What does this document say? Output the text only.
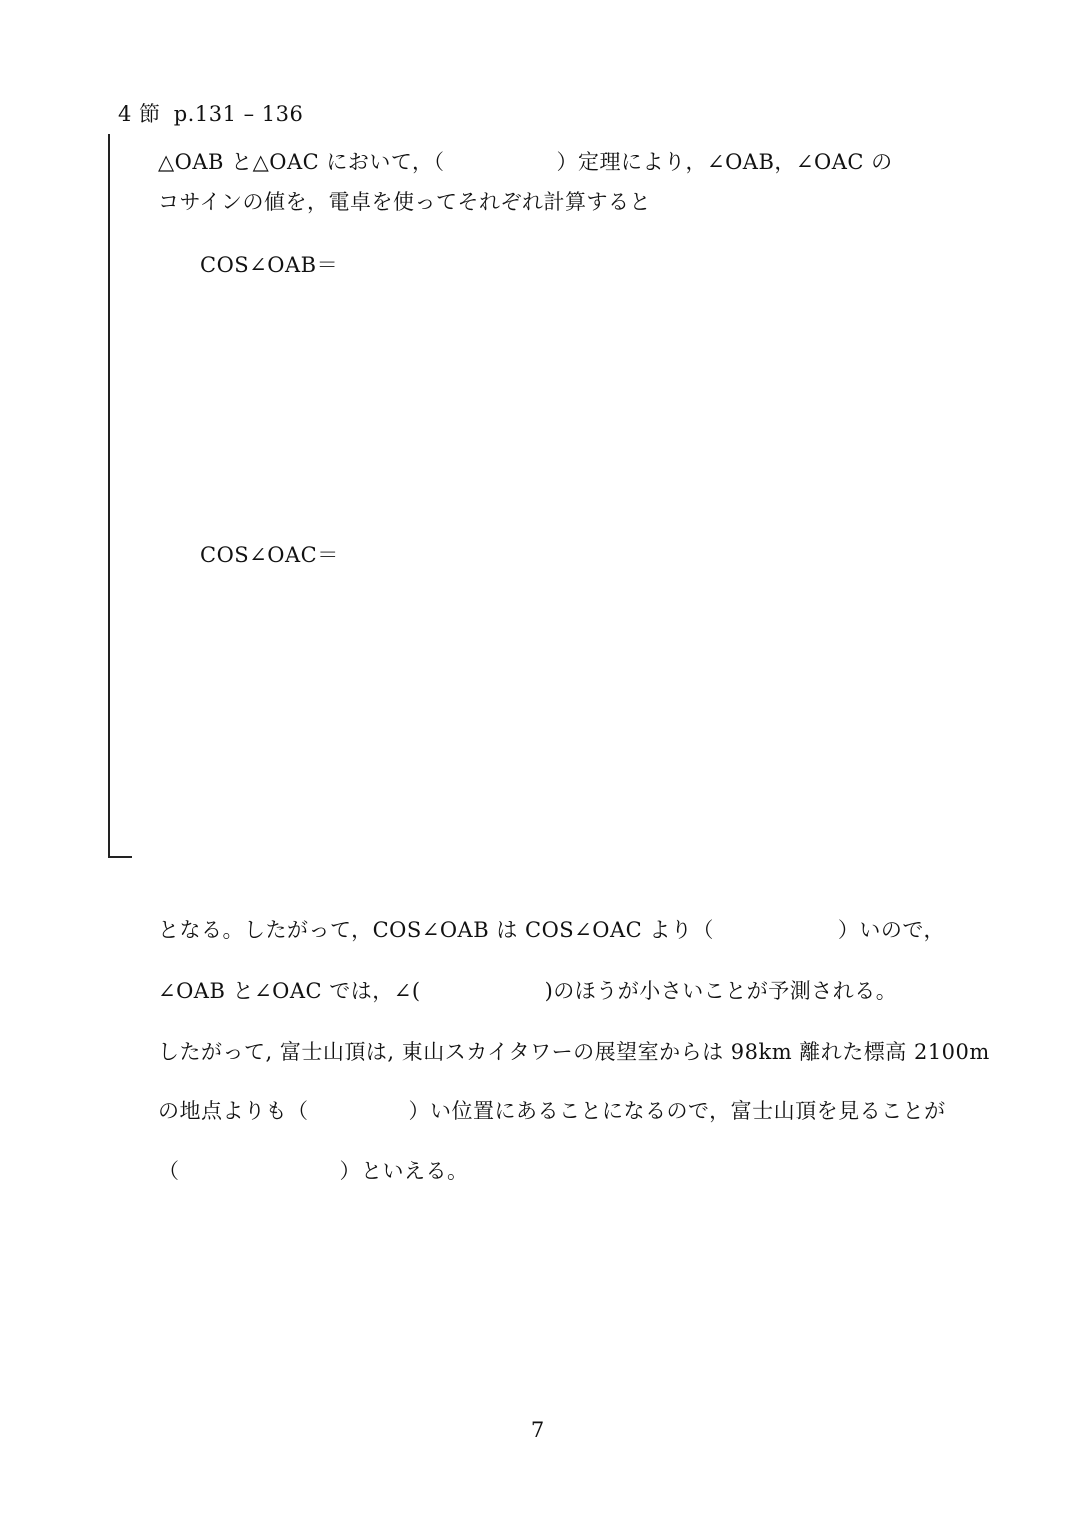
4 節 p.131 – 136
△OAB と△OAC において，（	）定理により，∠OAB，∠OAC の
コサインの値を，電卓を使ってそれぞれ計算すると
COS∠OAB＝
COS∠OAC＝
となる。したがって，COS∠OAB は COS∠OAC より（	）いので，
∠OAB と∠OAC では，∠(	)のほうが小さいことが予測される。
したがって, 富士山頂は, 東山スカイタワーの展望室からは 98km 離れた標高 2100m
の地点よりも（	）い位置にあることになるので，富士山頂を見ることが
（	）といえる。
7
